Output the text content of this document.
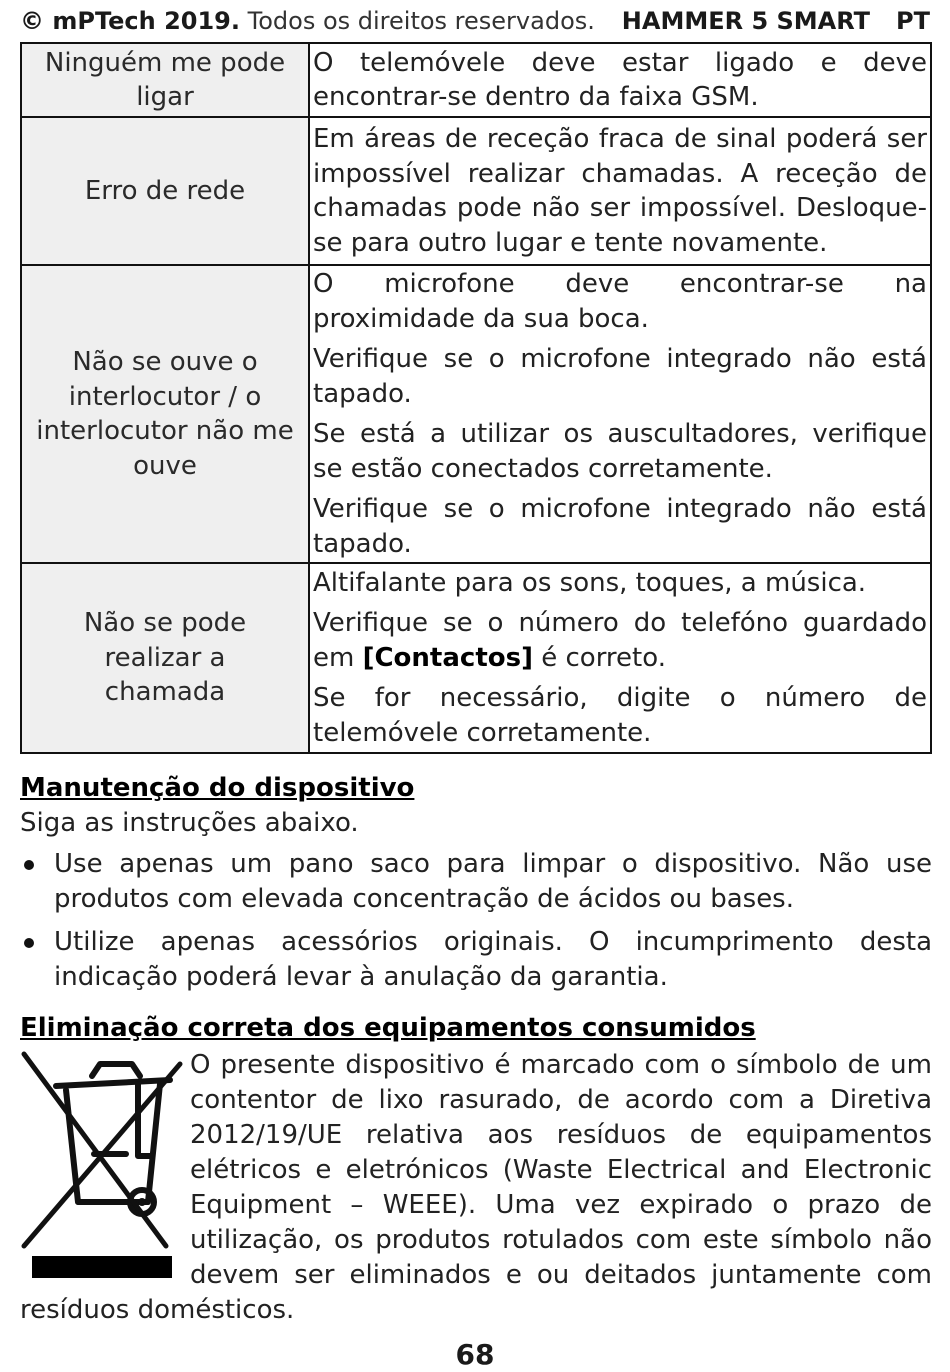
© mPTech 2019. Todos os direitos reservados. HAMMER 5 SMART PT
Ninguém me pode ligar	O telemóvele deve estar ligado e deve encontrar-se dentro da faixa GSM.

Erro de rede	Em áreas de receção fraca de sinal poderá ser impossível realizar chamadas. A receção de chamadas pode não ser impossível. Desloque-se para outro lugar e tente novamente.

Não se ouve o interlocutor / o interlocutor não me ouve	O microfone deve encontrar-se na proximidade da sua boca.

Verifique se o microfone integrado não está tapado.

Se está a utilizar os auscultadores, verifique se estão conectados corretamente.

Verifique se o microfone integrado não está tapado.

Não se pode realizar a chamada	Altifalante para os sons, toques, a música.

Verifique se o número do telefóno guardado em [Contactos] é correto.

Se for necessário, digite o número de telemóvele corretamente.

Manutenção do dispositivo
Siga as instruções abaixo.
Use apenas um pano saco para limpar o dispositivo. Não use produtos com elevada concentração de ácidos ou bases.
Utilize apenas acessórios originais. O incumprimento desta indicação poderá levar à anulação da garantia.
Eliminação correta dos equipamentos consumidos
O presente dispositivo é marcado com o símbolo de um contentor de lixo rasurado, de acordo com a Diretiva 2012/19/UE relativa aos resíduos de equipamentos elétricos e eletrónicos (Waste Electrical and Electronic Equipment – WEEE). Uma vez expirado o prazo de utilização, os produtos rotulados com este símbolo não devem ser eliminados e ou deitados juntamente com resíduos domésticos.
68
